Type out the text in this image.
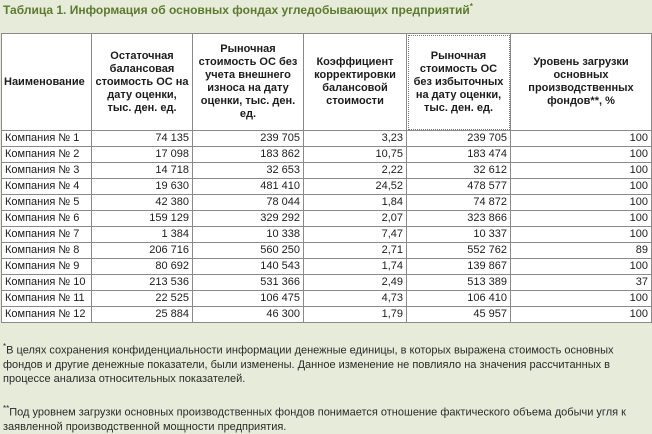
Таблица 1. Информация об основных фондах угледобывающих предприятий*
Наименование	Остаточная балансовая стоимость ОС на дату оценки, тыс. ден. ед.	Рыночная стоимость ОС без учета внешнего износа на дату оценки, тыс. ден. ед.	Коэффициент корректировки балансовой стоимости	Рыночная стоимость ОС без избыточных на дату оценки, тыс. ден. ед.	Уровень загрузки основных производственных фондов**, %
Компания № 1	74 135	239 705	3,23	239 705	100
Компания № 2	17 098	183 862	10,75	183 474	100
Компания № 3	14 718	32 653	2,22	32 612	100
Компания № 4	19 630	481 410	24,52	478 577	100
Компания № 5	42 380	78 044	1,84	74 872	100
Компания № 6	159 129	329 292	2,07	323 866	100
Компания № 7	1 384	10 338	7,47	10 337	100
Компания № 8	206 716	560 250	2,71	552 762	89
Компания № 9	80 692	140 543	1,74	139 867	100
Компания № 10	213 536	531 366	2,49	513 389	37
Компания № 11	22 525	106 475	4,73	106 410	100
Компания № 12	25 884	46 300	1,79	45 957	100
*В целях сохранения конфиденциальности информации денежные единицы, в которых выражена стоимость основных фондов и другие денежные показатели, были изменены. Данное изменение не повлияло на значения рассчитанных в процессе анализа относительных показателей.
**Под уровнем загрузки основных производственных фондов понимается отношение фактического объема добычи угля к заявленной производственной мощности предприятия.
